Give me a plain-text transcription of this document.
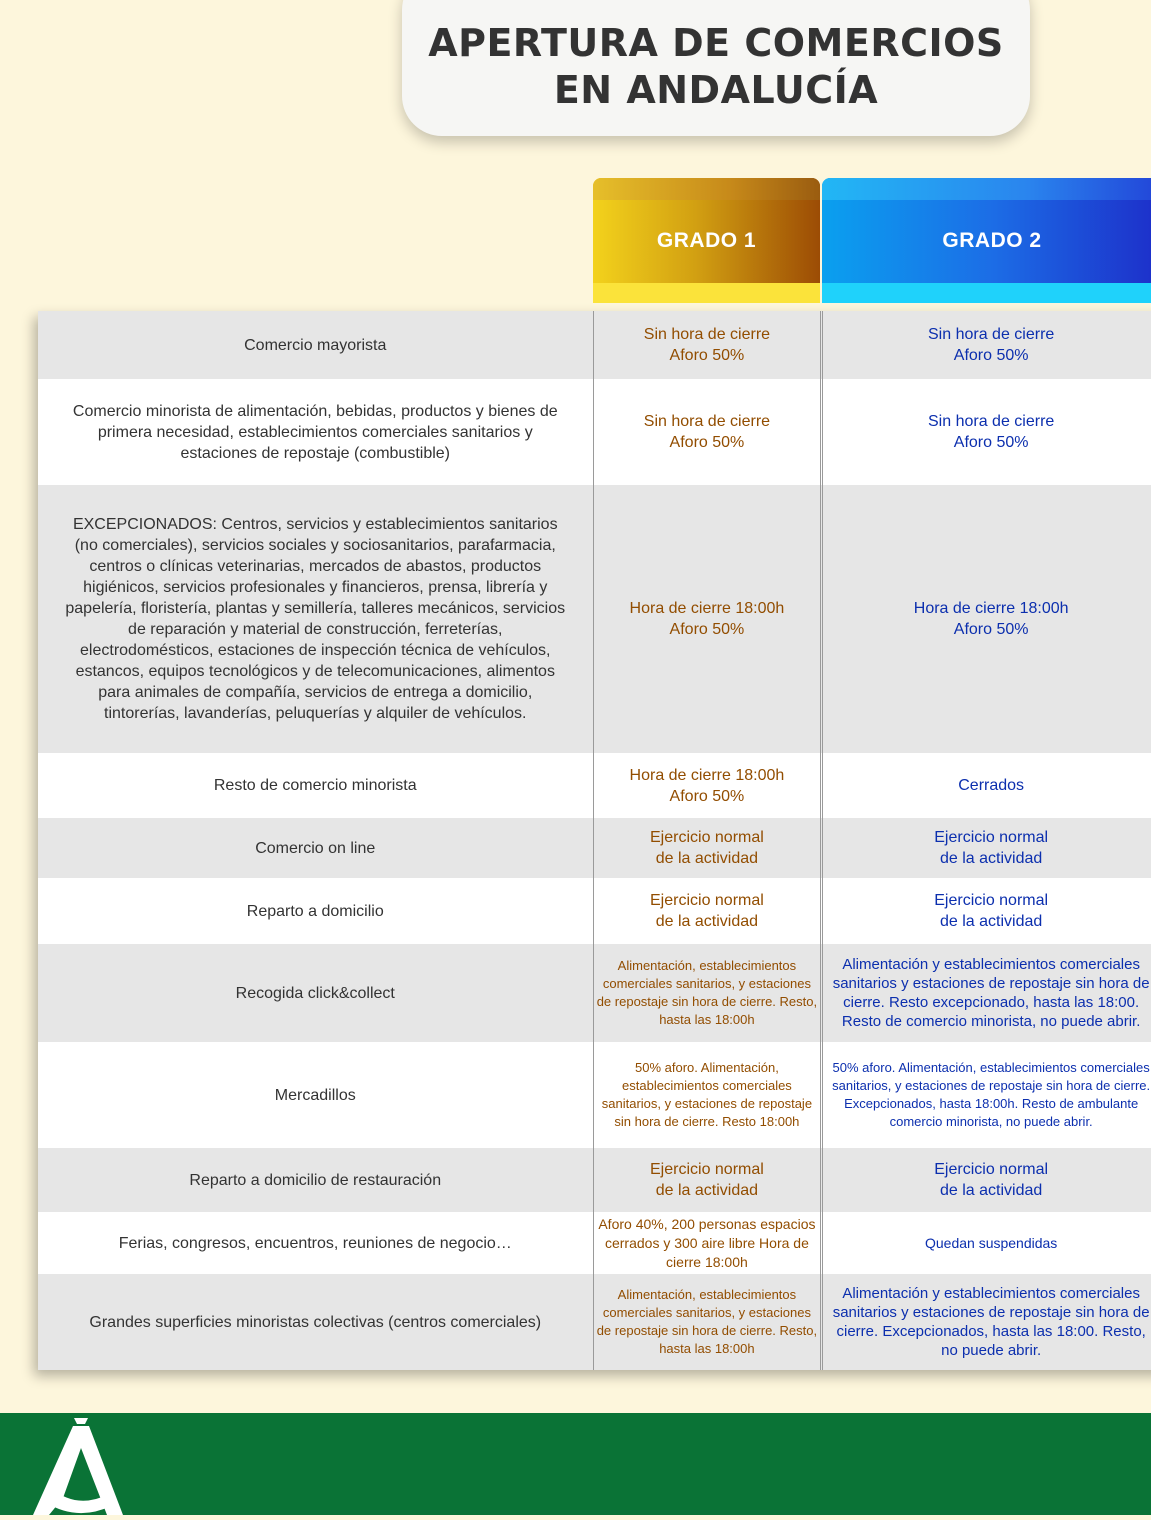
APERTURA DE COMERCIOS
EN ANDALUCÍA
GRADO 1	GRADO 2
Comercio mayorista
Sin hora de cierre
Aforo 50%
Sin hora de cierre
Aforo 50%
Comercio minorista de alimentación, bebidas, productos y bienes de primera necesidad, establecimientos comerciales sanitarios y estaciones de repostaje (combustible)
Sin hora de cierre
Aforo 50%
Sin hora de cierre
Aforo 50%
EXCEPCIONADOS: Centros, servicios y establecimientos sanitarios (no comerciales), servicios sociales y sociosanitarios, parafarmacia, centros o clínicas veterinarias, mercados de abastos, productos higiénicos, servicios profesionales y financieros, prensa, librería y papelería, floristería, plantas y semillería, talleres mecánicos, servicios de reparación y material de construcción, ferreterías, electrodomésticos, estaciones de inspección técnica de vehículos, estancos, equipos tecnológicos y de telecomunicaciones, alimentos para animales de compañía, servicios de entrega a domicilio, tintorerías, lavanderías, peluquerías y alquiler de vehículos.
Hora de cierre 18:00h
Aforo 50%
Hora de cierre 18:00h
Aforo 50%
Resto de comercio minorista
Hora de cierre 18:00h
Aforo 50%
Cerrados
Comercio on line
Ejercicio normal
de la actividad
Ejercicio normal
de la actividad
Reparto a domicilio
Ejercicio normal
de la actividad
Ejercicio normal
de la actividad
Recogida click&collect
Alimentación, establecimientos comerciales sanitarios, y estaciones de repostaje sin hora de cierre. Resto, hasta las 18:00h
Alimentación y establecimientos comerciales sanitarios y estaciones de repostaje sin hora de cierre. Resto excepcionado, hasta las 18:00. Resto de comercio minorista, no puede abrir.
Mercadillos
50% aforo. Alimentación, establecimientos comerciales sanitarios, y estaciones de repostaje sin hora de cierre. Resto 18:00h
50% aforo. Alimentación, establecimientos comerciales sanitarios, y estaciones de repostaje sin hora de cierre. Excepcionados, hasta 18:00h. Resto de ambulante comercio minorista, no puede abrir.
Reparto a domicilio de restauración
Ejercicio normal
de la actividad
Ejercicio normal
de la actividad
Ferias, congresos, encuentros, reuniones de negocio…
Aforo 40%, 200 personas espacios cerrados y 300 aire libre Hora de cierre 18:00h
Quedan suspendidas
Grandes superficies minoristas colectivas (centros comerciales)
Alimentación, establecimientos comerciales sanitarios, y estaciones de repostaje sin hora de cierre. Resto, hasta las 18:00h
Alimentación y establecimientos comerciales sanitarios y estaciones de repostaje sin hora de cierre. Excepcionados, hasta las 18:00. Resto, no puede abrir.
